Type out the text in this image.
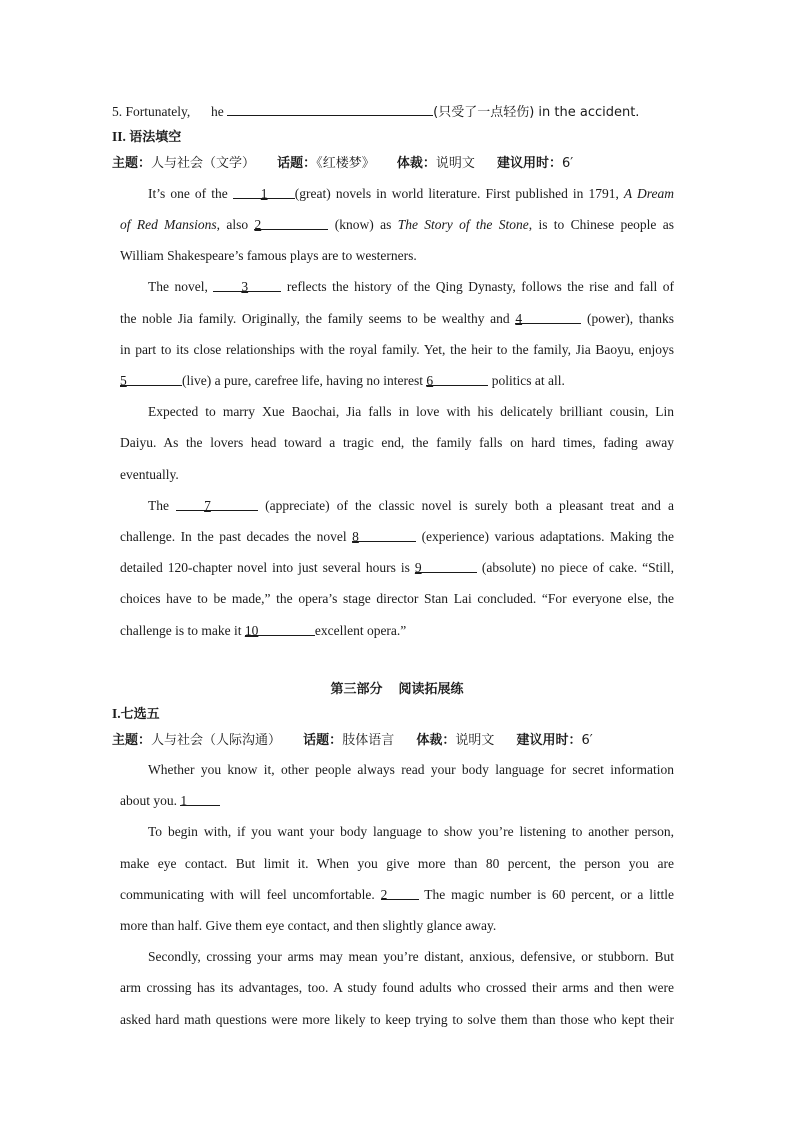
5. Fortunately, he	(只受了一点轻伤) in the accident.
II. 语法填空
主题：人与社会（文学） 话题：《红楼梦》 体裁：说明文 建议用时：6′
It’s one of the 1 (great) novels in world literature. First published in 1791, A Dream
of Red Mansions, also 2	(know) as The Story of the Stone, is to Chinese people as
William Shakespeare’s famous plays are to westerners.
The novel, 3 reflects the history of the Qing Dynasty, follows the rise and fall of
the noble Jia family. Originally, the family seems to be wealthy and 4	(power), thanks
in part to its close relationships with the royal family. Yet, the heir to the family, Jia Baoyu, enjoys
5	(live) a pure, carefree life, having no interest 6	politics at all.
Expected to marry Xue Baochai, Jia falls in love with his delicately brilliant cousin, Lin
Daiyu. As the lovers head toward a tragic end, the family falls on hard times, fading away
eventually.
The 7	(appreciate) of the classic novel is surely both a pleasant treat and a
challenge. In the past decades the novel 8	(experience) various adaptations. Making the
detailed 120-chapter novel into just several hours is 9	(absolute) no piece of cake. “Still,
choices have to be made,” the opera’s stage director Stan Lai concluded. “For everyone else, the
challenge is to make it 10	excellent opera.”
第三部分 阅读拓展练
I.七选五
主题：人与社会（人际沟通） 话题：肢体语言 体裁：说明文 建议用时：6′
Whether you know it, other people always read your body language for secret information
about you. 1
To begin with, if you want your body language to show you’re listening to another person,
make eye contact. But limit it. When you give more than 80 percent, the person you are
communicating with will feel uncomfortable. 2 The magic number is 60 percent, or a little
more than half. Give them eye contact, and then slightly glance away.
Secondly, crossing your arms may mean you’re distant, anxious, defensive, or stubborn. But
arm crossing has its advantages, too. A study found adults who crossed their arms and then were
asked hard math questions were more likely to keep trying to solve them than those who kept their
